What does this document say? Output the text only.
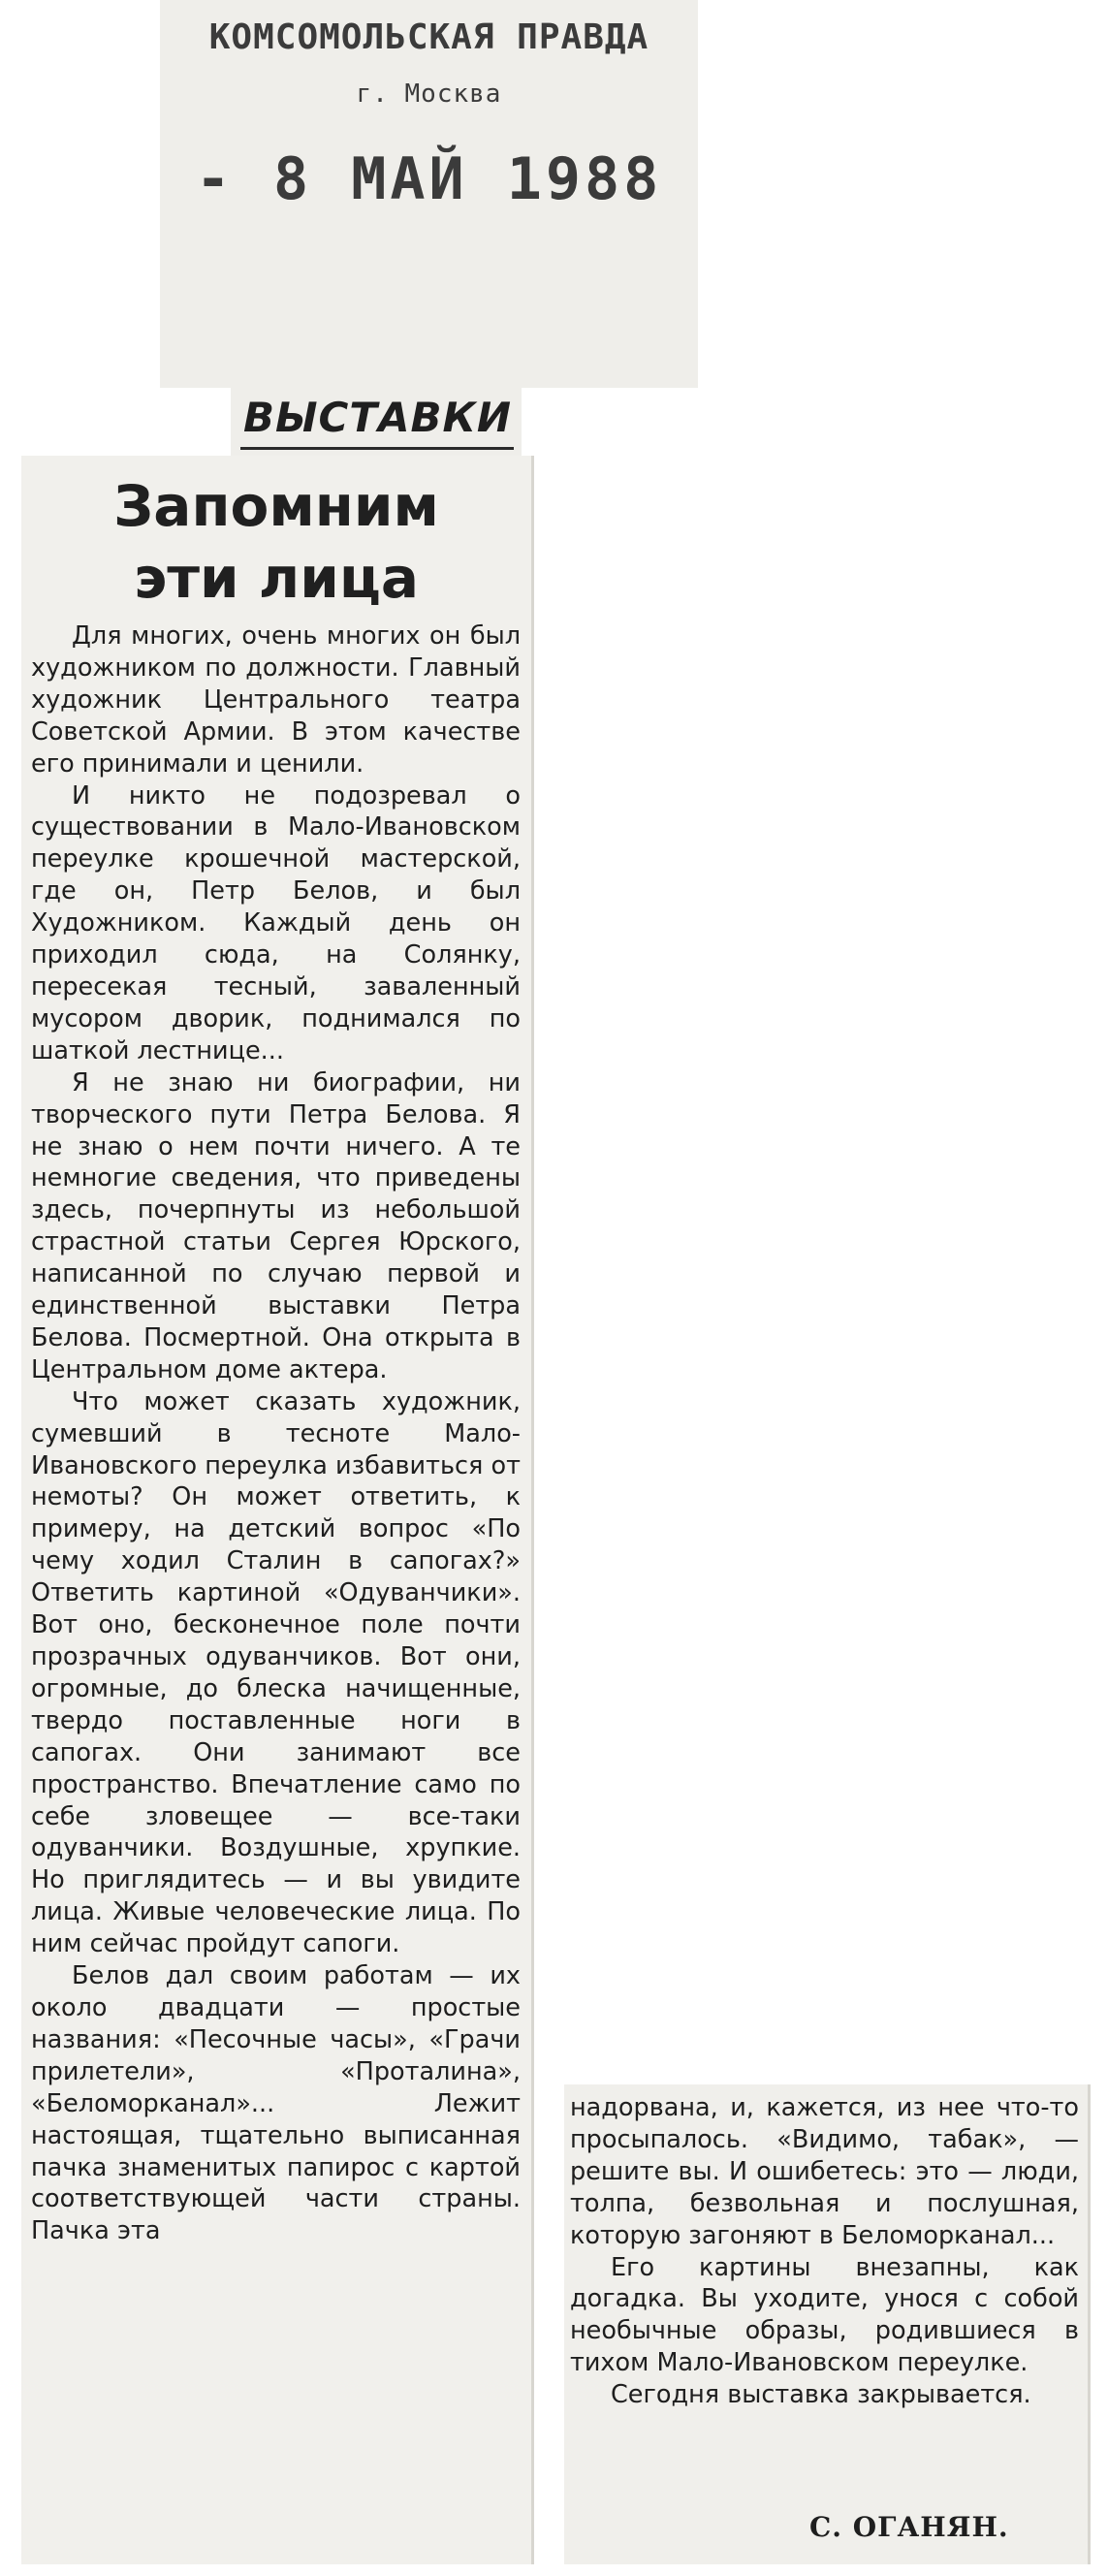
КОМСОМОЛЬСКАЯ ПРАВДА
г. Москва
- 8 МАЙ 1988
ВЫСТАВКИ
Запомним
эти лица

Для многих, очень многих он был художником по должности. Главный художник Центрального театра Советской Армии. В этом качестве его принимали и ценили.

И никто не подозревал о существовании в Мало-Ивановском переулке крошечной мастерской, где он, Петр Белов, и был Художником. Каждый день он приходил сюда, на Солянку, пересекая тесный, заваленный мусором дворик, поднимался по шаткой лестнице...

Я не знаю ни биографии, ни творческого пути Петра Белова. Я не знаю о нем почти ничего. А те немногие сведения, что приведены здесь, почерпнуты из небольшой страстной статьи Сергея Юрского, написанной по случаю первой и единственной выставки Петра Белова. Посмертной. Она открыта в Центральном доме актера.

Что может сказать художник, сумевший в тесноте Мало-Ивановского переулка избавиться от немоты? Он может ответить, к примеру, на детский вопрос «По чему ходил Сталин в сапогах?» Ответить картиной «Одуванчики». Вот оно, бесконечное поле почти прозрачных одуванчиков. Вот они, огромные, до блеска начищенные, твердо поставленные ноги в сапогах. Они занимают все пространство. Впечатление само по себе зловещее — все-таки одуванчики. Воздушные, хрупкие. Но приглядитесь — и вы увидите лица. Живые человеческие лица. По ним сейчас пройдут сапоги.

Белов дал своим работам — их около двадцати — простые названия: «Песочные часы», «Грачи прилетели», «Проталина», «Беломорканал»... Лежит настоящая, тщательно выписанная пачка знаменитых папирос с картой соответствующей части страны. Пачка эта

надорвана, и, кажется, из нее что-то просыпалось. «Видимо, табак», — решите вы. И ошибетесь: это — люди, толпа, безвольная и послушная, которую загоняют в Беломорканал...

Его картины внезапны, как догадка. Вы уходите, унося с собой необычные образы, родившиеся в тихом Мало-Ивановском переулке.

Сегодня выставка закрывается.

С. ОГАНЯН.
